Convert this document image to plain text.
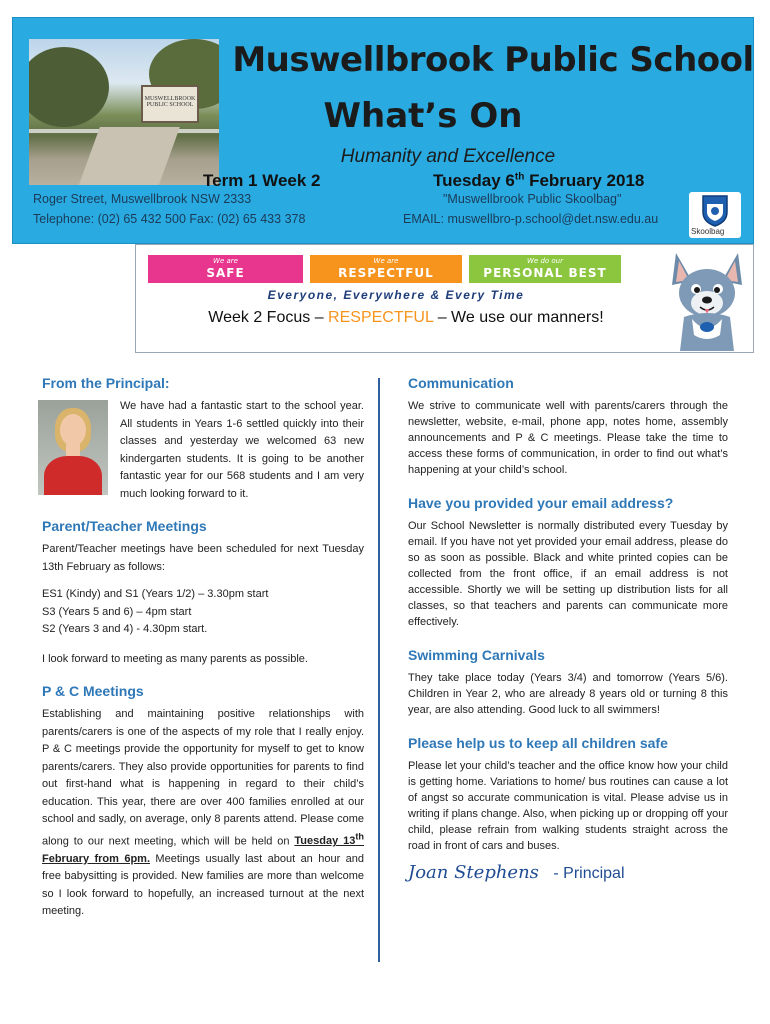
MUSWELLBROOK PUBLIC SCHOOL
Muswellbrook Public School
What’s On
Humanity and Excellence
Term 1 Week 2	Tuesday 6th February 2018
Roger Street, Muswellbrook NSW 2333
Telephone: (02) 65 432 500 Fax: (02) 65 433 378
"Muswellbrook Public Skoolbag"
EMAIL: muswellbro-p.school@det.nsw.edu.au
Skoolbag
We are
SAFE
We are
RESPECTFUL
We do our
PERSONAL BEST
Everyone, Everywhere & Every Time
Week 2 Focus – RESPECTFUL – We use our manners!
From the Principal:

We have had a fantastic start to the school year. All students in Years 1-6 settled quickly into their classes and yesterday we welcomed 63 new kindergarten students. It is going to be another fantastic year for our 568 students and I am very much looking forward to it.

Parent/Teacher Meetings

Parent/Teacher meetings have been scheduled for next Tuesday 13th February as follows:

ES1 (Kindy) and S1 (Years 1/2) – 3.30pm start
S3 (Years 5 and 6) – 4pm start
S2 (Years 3 and 4) - 4.30pm start.

I look forward to meeting as many parents as possible.

P & C Meetings

Establishing and maintaining positive relationships with parents/carers is one of the aspects of my role that I really enjoy. P & C meetings provide the opportunity for myself to get to know parents/carers. They also provide opportunities for parents to find out first-hand what is happening in regard to their child’s education. This year, there are over 400 families enrolled at our school and sadly, on average, only 8 parents attend. Please come along to our next meeting, which will be held on Tuesday 13th February from 6pm. Meetings usually last about an hour and free babysitting is provided. New families are more than welcome so I look forward to hopefully, an increased turnout at the next meeting.

Communication

We strive to communicate well with parents/carers through the newsletter, website, e-mail, phone app, notes home, assembly announcements and P & C meetings. Please take the time to access these forms of communication, in order to find out what’s happening at your child’s school.

Have you provided your email address?

Our School Newsletter is normally distributed every Tuesday by email. If you have not yet provided your email address, please do so as soon as possible. Black and white printed copies can be collected from the front office, if an email address is not accessible. Shortly we will be setting up distribution lists for all classes, so that teachers and parents can communicate more effectively.

Swimming Carnivals

They take place today (Years 3/4) and tomorrow (Years 5/6). Children in Year 2, who are already 8 years old or turning 8 this year, are also attending. Good luck to all swimmers!

Please help us to keep all children safe

Please let your child’s teacher and the office know how your child is getting home. Variations to home/ bus routines can cause a lot of angst so accurate communication is vital. Please advise us in writing if plans change. Also, when picking up or dropping off your child, please refrain from walking students straight across the road in front of cars and buses.

Joan Stephens - Principal
